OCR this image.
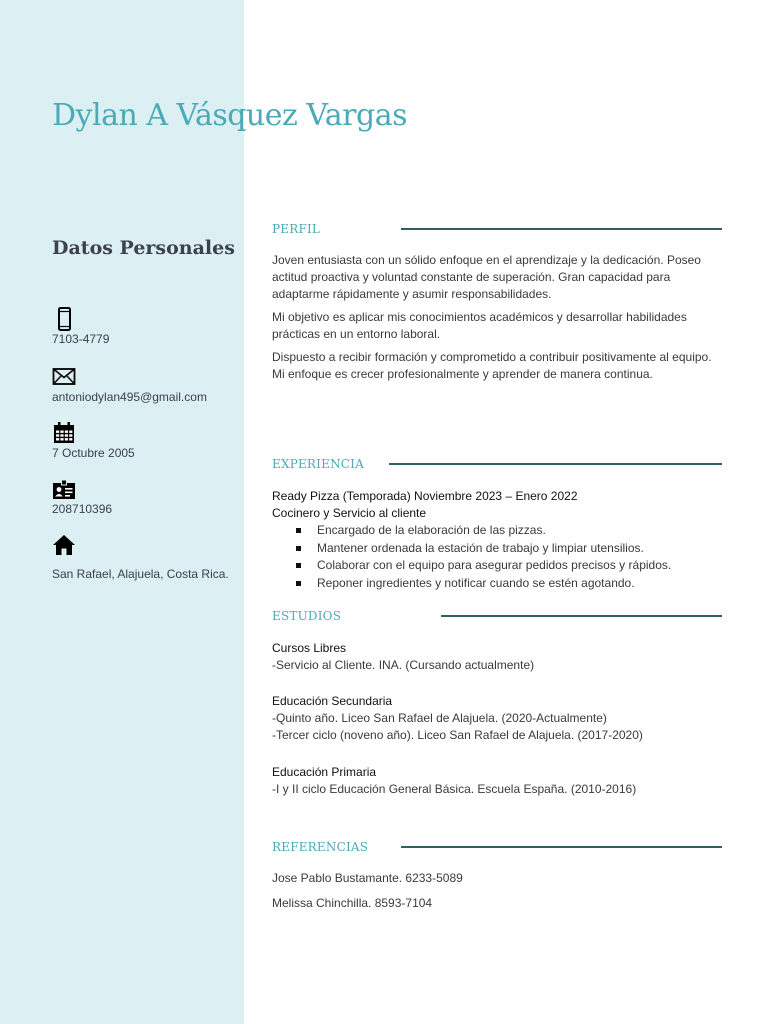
Dylan A Vásquez Vargas
Datos Personales
7103-4779
antoniodylan495@gmail.com
7 Octubre 2005
208710396
San Rafael, Alajuela, Costa Rica.
PERFIL

Joven entusiasta con un sólido enfoque en el aprendizaje y la dedicación. Poseo actitud proactiva y voluntad constante de superación. Gran capacidad para adaptarme rápidamente y asumir responsabilidades.

Mi objetivo es aplicar mis conocimientos académicos y desarrollar habilidades prácticas en un entorno laboral.

Dispuesto a recibir formación y comprometido a contribuir positivamente al equipo. Mi enfoque es crecer profesionalmente y aprender de manera continua.

EXPERIENCIA
Ready Pizza (Temporada) Noviembre 2023 – Enero 2022
Cocinero y Servicio al cliente
Encargado de la elaboración de las pizzas.
Mantener ordenada la estación de trabajo y limpiar utensilios.
Colaborar con el equipo para asegurar pedidos precisos y rápidos.
Reponer ingredientes y notificar cuando se estén agotando.
ESTUDIOS
Cursos Libres
-Servicio al Cliente. INA. (Cursando actualmente)
Educación Secundaria
-Quinto año. Liceo San Rafael de Alajuela. (2020-Actualmente)
-Tercer ciclo (noveno año). Liceo San Rafael de Alajuela. (2017-2020)
Educación Primaria
-I y II ciclo Educación General Básica. Escuela España. (2010-2016)
REFERENCIAS
Jose Pablo Bustamante. 6233-5089
Melissa Chinchilla. 8593-7104
